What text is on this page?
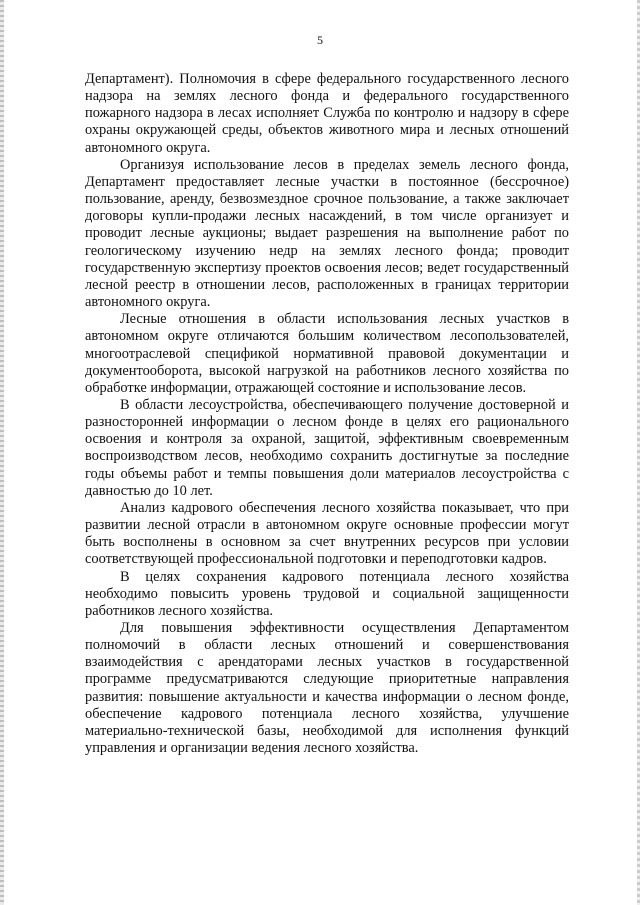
5

Департамент). Полномочия в сфере федерального государственного лесного надзора на землях лесного фонда и федерального государственного пожарного надзора в лесах исполняет Служба по контролю и надзору в сфере охраны окружающей среды, объектов животного мира и лесных отношений автономного округа.

Организуя использование лесов в пределах земель лесного фонда, Департамент предоставляет лесные участки в постоянное (бессрочное) пользование, аренду, безвозмездное срочное пользование, а также заключает договоры купли-продажи лесных насаждений, в том числе организует и проводит лесные аукционы; выдает разрешения на выполнение работ по геологическому изучению недр на землях лесного фонда; проводит государственную экспертизу проектов освоения лесов; ведет государственный лесной реестр в отношении лесов, расположенных в границах территории автономного округа.

Лесные отношения в области использования лесных участков в автономном округе отличаются большим количеством лесопользователей, многоотраслевой спецификой нормативной правовой документации и документооборота, высокой нагрузкой на работников лесного хозяйства по обработке информации, отражающей состояние и использование лесов.

В области лесоустройства, обеспечивающего получение достоверной и разносторонней информации о лесном фонде в целях его рационального освоения и контроля за охраной, защитой, эффективным своевременным воспроизводством лесов, необходимо сохранить достигнутые за последние годы объемы работ и темпы повышения доли материалов лесоустройства с давностью до 10 лет.

Анализ кадрового обеспечения лесного хозяйства показывает, что при развитии лесной отрасли в автономном округе основные профессии могут быть восполнены в основном за счет внутренних ресурсов при условии соответствующей профессиональной подготовки и переподготовки кадров.

В целях сохранения кадрового потенциала лесного хозяйства необходимо повысить уровень трудовой и социальной защищенности работников лесного хозяйства.

Для повышения эффективности осуществления Департаментом полномочий в области лесных отношений и совершенствования взаимодействия с арендаторами лесных участков в государственной программе предусматриваются следующие приоритетные направления развития: повышение актуальности и качества информации о лесном фонде, обеспечение кадрового потенциала лесного хозяйства, улучшение материально-технической базы, необходимой для исполнения функций управления и организации ведения лесного хозяйства.
